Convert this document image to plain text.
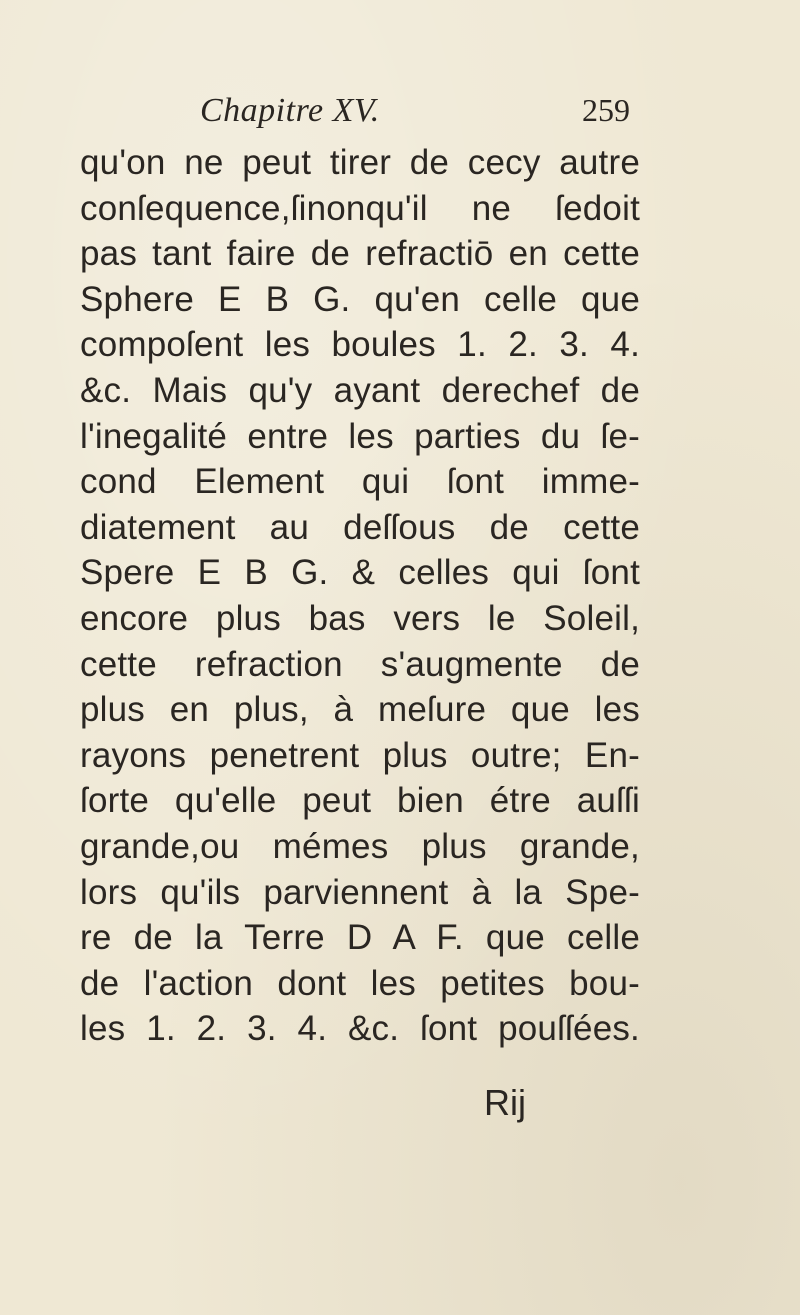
Chapitre XV.	259
qu'on ne peut tirer de cecy autre
conſequence,ſinonqu'il ne ſedoit
pas tant faire de refractiō en cette
Sphere E B G. qu'en celle que
compoſent les boules 1. 2. 3. 4.
&c. Mais qu'y ayant derechef de
l'inegalité entre les parties du ſe-
cond Element qui ſont imme-
diatement au deſſous de cette
Spere E B G. & celles qui ſont
encore plus bas vers le Soleil,
cette refraction s'augmente de
plus en plus, à meſure que les
rayons penetrent plus outre; En-
ſorte qu'elle peut bien étre auſſi
grande,ou mémes plus grande,
lors qu'ils parviennent à la Spe-
re de la Terre D A F. que celle
de l'action dont les petites bou-
les 1. 2. 3. 4. &c. ſont pouſſées.
Rij
